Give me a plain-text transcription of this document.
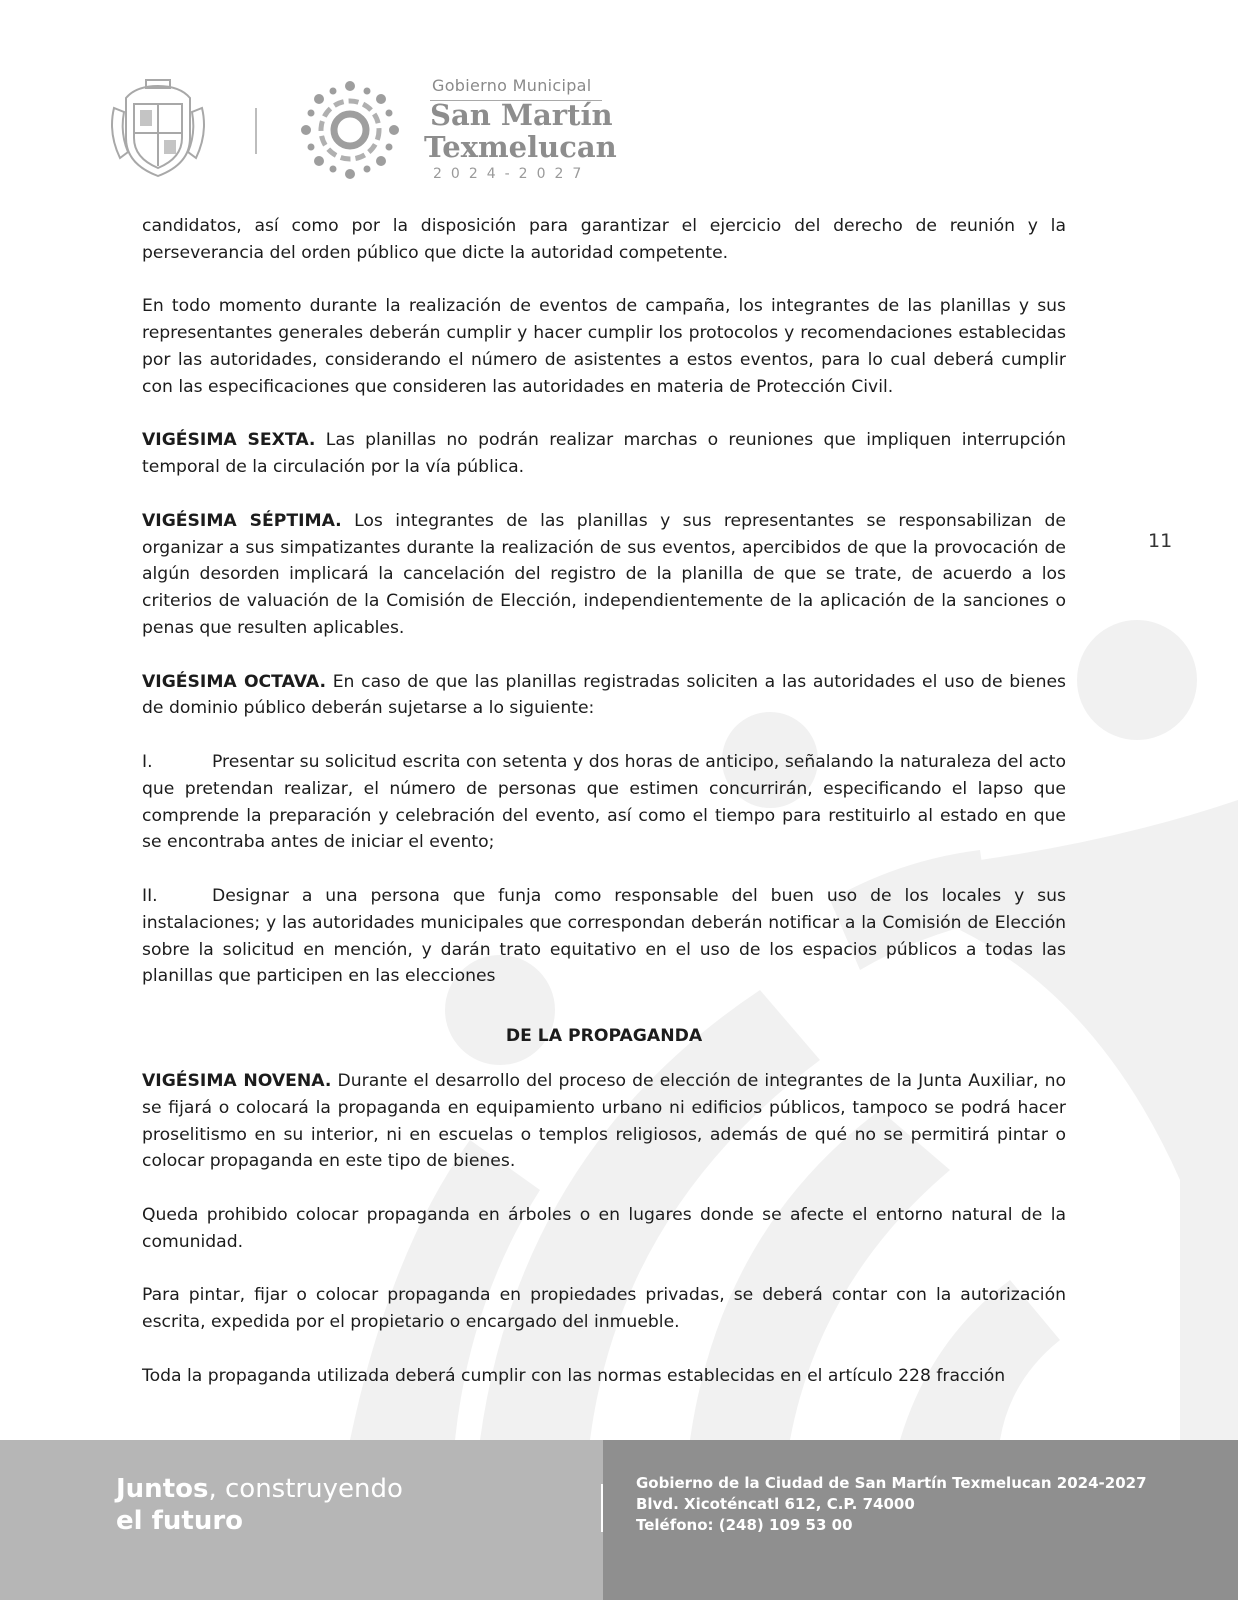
Gobierno Municipal
San Martín
Texmelucan
2024-2027
11

candidatos, así como por la disposición para garantizar el ejercicio del derecho de reunión y la perseverancia del orden público que dicte la autoridad competente.

En todo momento durante la realización de eventos de campaña, los integrantes de las planillas y sus representantes generales deberán cumplir y hacer cumplir los protocolos y recomendaciones establecidas por las autoridades, considerando el número de asistentes a estos eventos, para lo cual deberá cumplir con las especificaciones que consideren las autoridades en materia de Protección Civil.

VIGÉSIMA SEXTA. Las planillas no podrán realizar marchas o reuniones que impliquen interrupción temporal de la circulación por la vía pública.

VIGÉSIMA SÉPTIMA. Los integrantes de las planillas y sus representantes se responsabilizan de organizar a sus simpatizantes durante la realización de sus eventos, apercibidos de que la provocación de algún desorden implicará la cancelación del registro de la planilla de que se trate, de acuerdo a los criterios de valuación de la Comisión de Elección, independientemente de la aplicación de la sanciones o penas que resulten aplicables.

VIGÉSIMA OCTAVA. En caso de que las planillas registradas soliciten a las autoridades el uso de bienes de dominio público deberán sujetarse a lo siguiente:

I.	Presentar su solicitud escrita con setenta y dos horas de anticipo, señalando la naturaleza del acto que pretendan realizar, el número de personas que estimen concurrirán, especificando el lapso que comprende la preparación y celebración del evento, así como el tiempo para restituirlo al estado en que se encontraba antes de iniciar el evento;

II.	Designar a una persona que funja como responsable del buen uso de los locales y sus instalaciones; y las autoridades municipales que correspondan deberán notificar a la Comisión de Elección sobre la solicitud en mención, y darán trato equitativo en el uso de los espacios públicos a todas las planillas que participen en las elecciones

DE LA PROPAGANDA

VIGÉSIMA NOVENA. Durante el desarrollo del proceso de elección de integrantes de la Junta Auxiliar, no se fijará o colocará la propaganda en equipamiento urbano ni edificios públicos, tampoco se podrá hacer proselitismo en su interior, ni en escuelas o templos religiosos, además de qué no se permitirá pintar o colocar propaganda en este tipo de bienes.

Queda prohibido colocar propaganda en árboles o en lugares donde se afecte el entorno natural de la comunidad.

Para pintar, fijar o colocar propaganda en propiedades privadas, se deberá contar con la autorización escrita, expedida por el propietario o encargado del inmueble.

Toda la propaganda utilizada deberá cumplir con las normas establecidas en el artículo 228 fracción

Juntos, construyendo
el futuro
Gobierno de la Ciudad de San Martín Texmelucan 2024-2027
Blvd. Xicoténcatl 612, C.P. 74000
Teléfono: (248) 109 53 00
